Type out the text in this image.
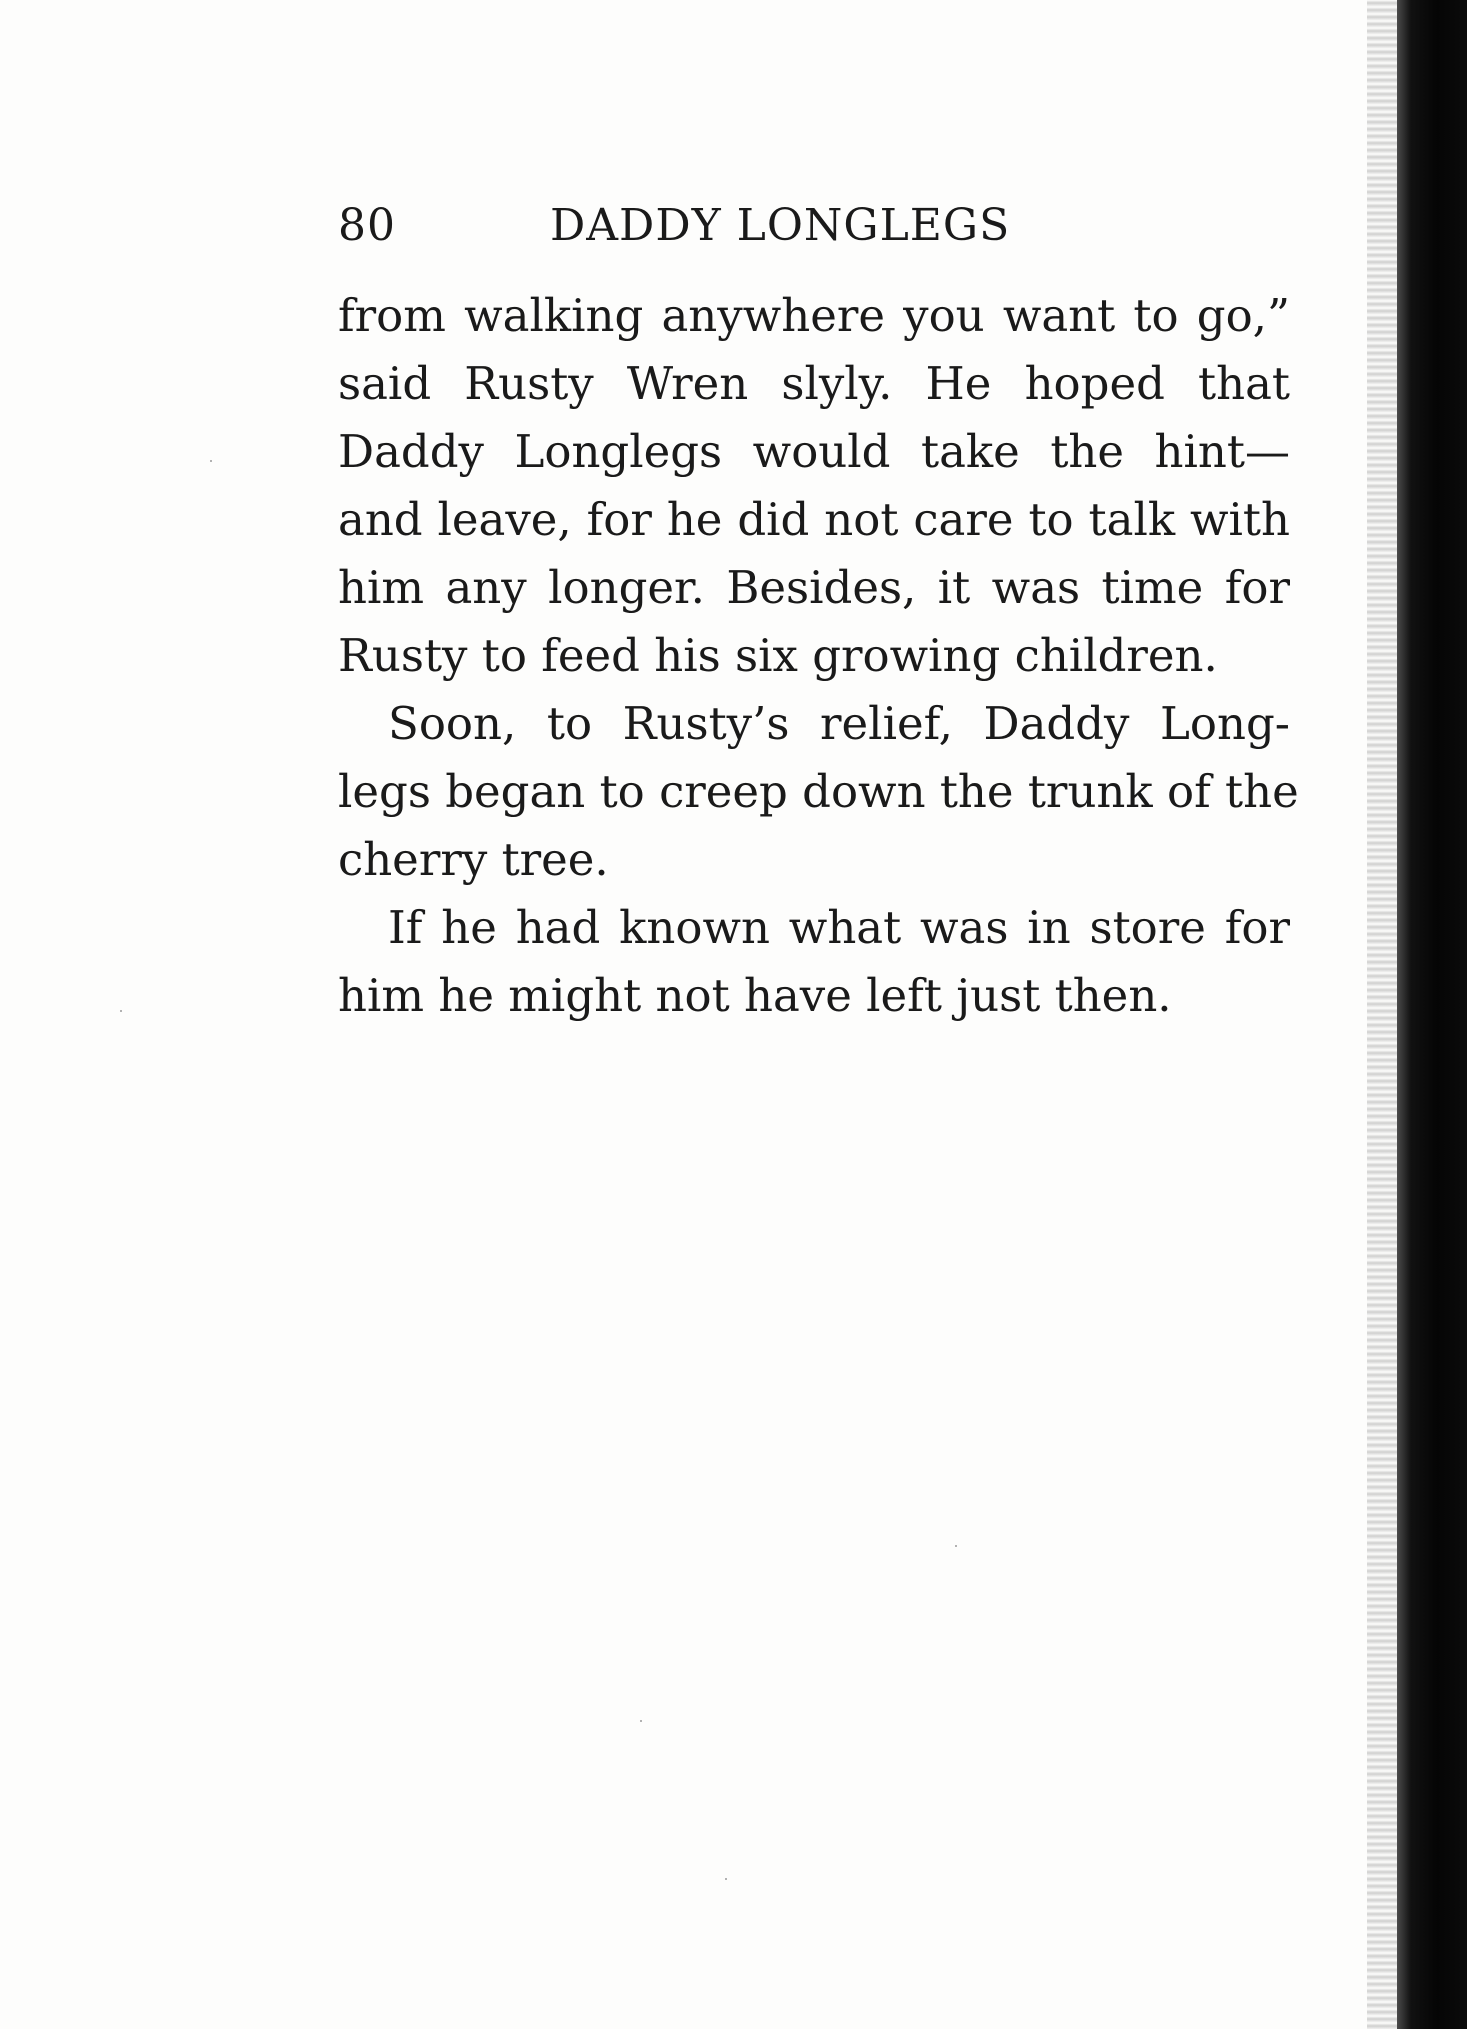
80	DADDY LONGLEGS
from walking anywhere you want to go,”
said Rusty Wren slyly. He hoped that
Daddy Longlegs would take the hint—
and leave, for he did not care to talk with
him any longer. Besides, it was time for
Rusty to feed his six growing children.
Soon, to Rusty’s relief, Daddy Long-
legs began to creep down the trunk of the
cherry tree.
If he had known what was in store for
him he might not have left just then.
